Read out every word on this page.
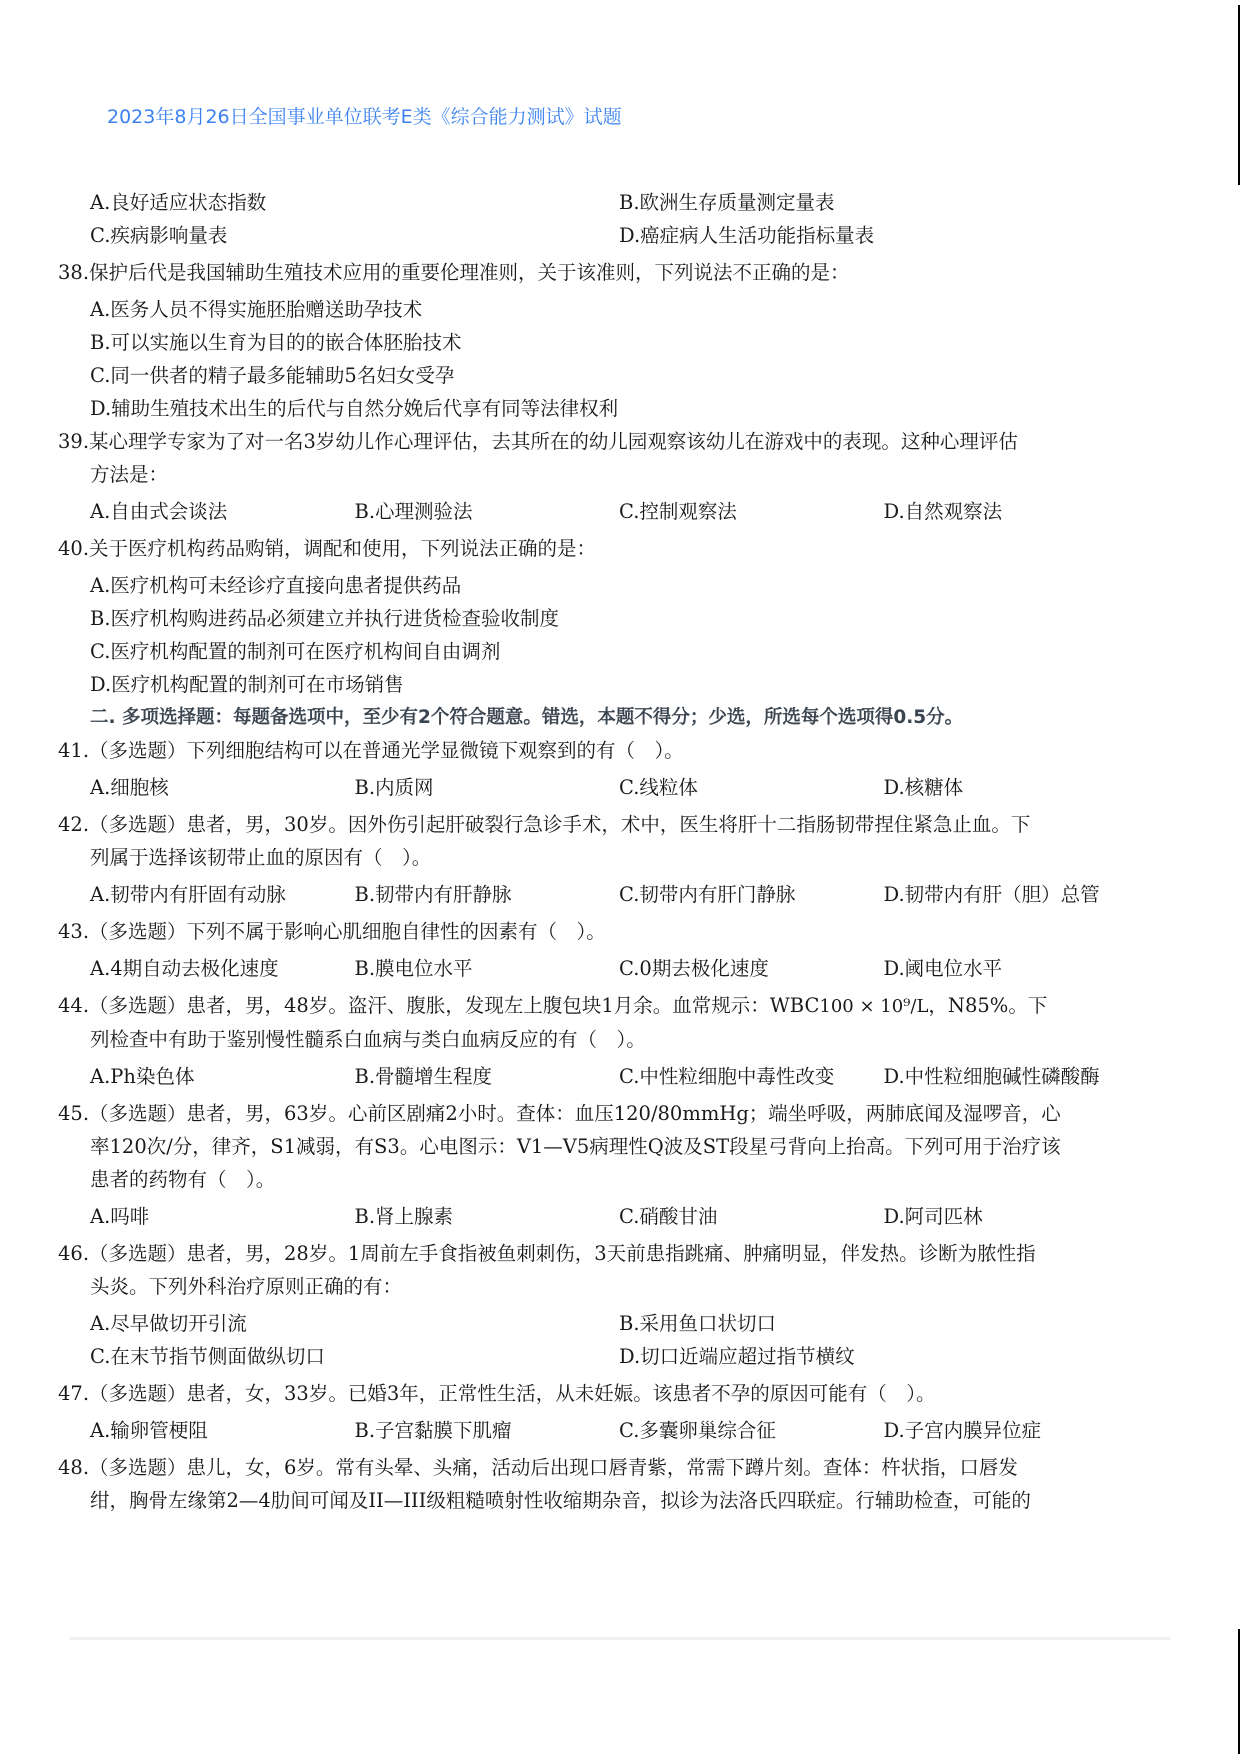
2023年8月26日全国事业单位联考E类《综合能力测试》试题
A.良好适应状态指数	B.欧洲生存质量测定量表
C.疾病影响量表	D.癌症病人生活功能指标量表
38.保护后代是我国辅助生殖技术应用的重要伦理准则，关于该准则，下列说法不正确的是：
A.医务人员不得实施胚胎赠送助孕技术
B.可以实施以生育为目的的嵌合体胚胎技术
C.同一供者的精子最多能辅助5名妇女受孕
D.辅助生殖技术出生的后代与自然分娩后代享有同等法律权利
39.某心理学专家为了对一名3岁幼儿作心理评估，去其所在的幼儿园观察该幼儿在游戏中的表现。这种心理评估
方法是：
A.自由式会谈法	B.心理测验法	C.控制观察法	D.自然观察法
40.关于医疗机构药品购销，调配和使用，下列说法正确的是：
A.医疗机构可未经诊疗直接向患者提供药品
B.医疗机构购进药品必须建立并执行进货检查验收制度
C.医疗机构配置的制剂可在医疗机构间自由调剂
D.医疗机构配置的制剂可在市场销售
二. 多项选择题：每题备选项中，至少有2个符合题意。错选，本题不得分；少选，所选每个选项得0.5分。
41.（多选题）下列细胞结构可以在普通光学显微镜下观察到的有（　）。
A.细胞核	B.内质网	C.线粒体	D.核糖体
42.（多选题）患者，男，30岁。因外伤引起肝破裂行急诊手术，术中，医生将肝十二指肠韧带捏住紧急止血。下
列属于选择该韧带止血的原因有（　）。
A.韧带内有肝固有动脉	B.韧带内有肝静脉	C.韧带内有肝门静脉	D.韧带内有肝（胆）总管
43.（多选题）下列不属于影响心肌细胞自律性的因素有（　）。
A.4期自动去极化速度	B.膜电位水平	C.0期去极化速度	D.阈电位水平
44.（多选题）患者，男，48岁。盗汗、腹胀，发现左上腹包块1月余。血常规示：WBC100 × 10⁹/L，N85%。下
列检查中有助于鉴别慢性髓系白血病与类白血病反应的有（　）。
A.Ph染色体	B.骨髓增生程度	C.中性粒细胞中毒性改变	D.中性粒细胞碱性磷酸酶
45.（多选题）患者，男，63岁。心前区剧痛2小时。查体：血压120/80mmHg；端坐呼吸，两肺底闻及湿啰音，心
率120次/分，律齐，S1减弱，有S3。心电图示：V1—V5病理性Q波及ST段星弓背向上抬高。下列可用于治疗该
患者的药物有（　）。
A.吗啡	B.肾上腺素	C.硝酸甘油	D.阿司匹林
46.（多选题）患者，男，28岁。1周前左手食指被鱼刺刺伤，3天前患指跳痛、肿痛明显，伴发热。诊断为脓性指
头炎。下列外科治疗原则正确的有：
A.尽早做切开引流	B.采用鱼口状切口
C.在末节指节侧面做纵切口	D.切口近端应超过指节横纹
47.（多选题）患者，女，33岁。已婚3年，正常性生活，从未妊娠。该患者不孕的原因可能有（　）。
A.输卵管梗阻	B.子宫黏膜下肌瘤	C.多囊卵巢综合征	D.子宫内膜异位症
48.（多选题）患儿，女，6岁。常有头晕、头痛，活动后出现口唇青紫，常需下蹲片刻。查体：杵状指，口唇发
绀，胸骨左缘第2—4肋间可闻及II—III级粗糙喷射性收缩期杂音，拟诊为法洛氏四联症。行辅助检查，可能的
